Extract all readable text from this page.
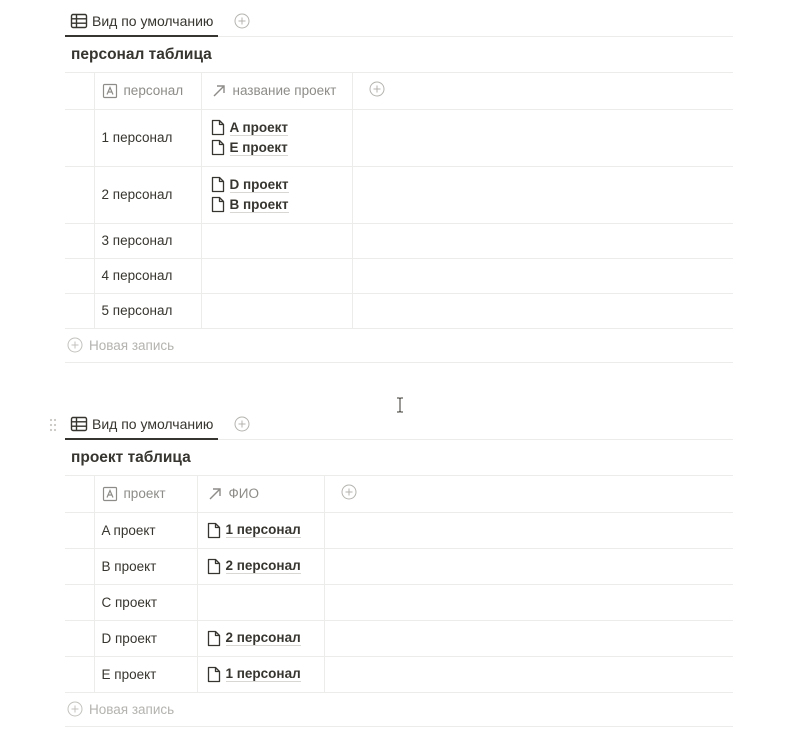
Вид по умолчанию
персонал таблица

	персонал	название проект

	1 персонал	A проект
E проект	

	2 персонал	D проект
B проект	

	3 персонал		
	4 персонал		
	5 персонал		
Новая запись
Вид по умолчанию
проект таблица

	проект	ФИО

	A проект	1 персонал	

	B проект	2 персонал	

	C проект		
	D проект	2 персонал	

	E проект	1 персонал	

Новая запись
